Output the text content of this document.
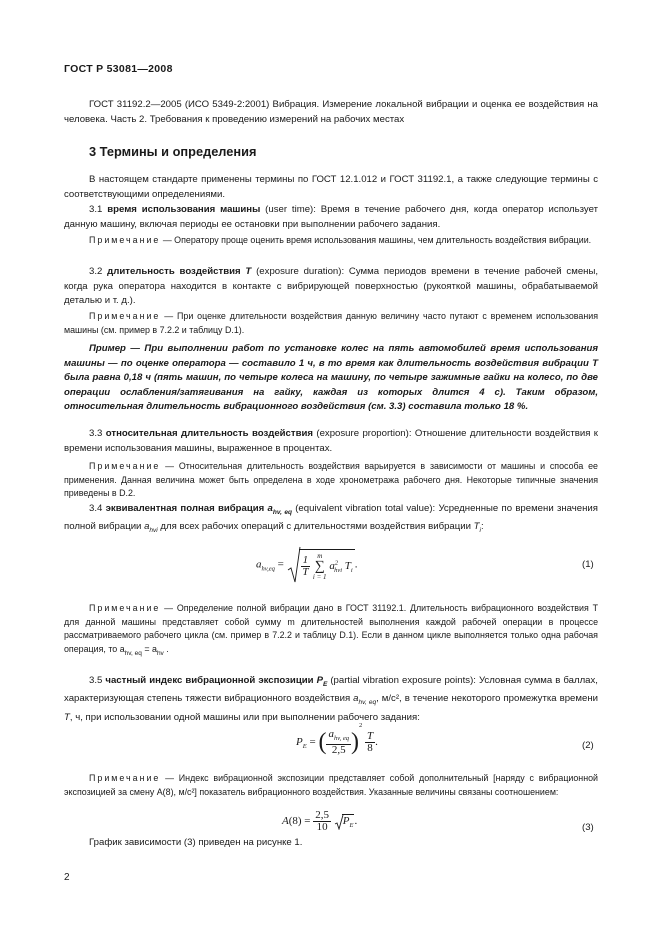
ГОСТ Р 53081—2008
ГОСТ 31192.2—2005 (ИСО 5349-2:2001) Вибрация. Измерение локальной вибрации и оценка ее воздействия на человека. Часть 2. Требования к проведению измерений на рабочих местах
3 Термины и определения
В настоящем стандарте применены термины по ГОСТ 12.1.012 и ГОСТ 31192.1, а также следующие термины с соответствующими определениями.
3.1 время использования машины (user time): Время в течение рабочего дня, когда оператор использует данную машину, включая периоды ее остановки при выполнении рабочего задания.
Примечание — Оператору проще оценить время использования машины, чем длительность воздействия вибрации.
3.2 длительность воздействия T (exposure duration): Сумма периодов времени в течение рабочей смены, когда рука оператора находится в контакте с вибрирующей поверхностью (рукояткой машины, обрабатываемой деталью и т. д.).
Примечание — При оценке длительности воздействия данную величину часто путают с временем использования машины (см. пример в 7.2.2 и таблицу D.1).
Пример — При выполнении работ по установке колес на пять автомобилей время использования машины — по оценке оператора — составило 1 ч, в то время как длительность воздействия вибрации T была равна 0,18 ч (пять машин, по четыре колеса на машину, по четыре зажимные гайки на колесо, по две операции ослабления/затягивания на гайку, каждая из которых длится 4 с). Таким образом, относительная длительность вибрационного воздействия (см. 3.3) составила только 18 %.
3.3 относительная длительность воздействия (exposure proportion): Отношение длительности воздействия к времени использования машины, выраженное в процентах.
Примечание — Относительная длительность воздействия варьируется в зависимости от машины и способа ее применения. Данная величина может быть определена в ходе хронометража рабочего дня. Некоторые типичные значения приведены в D.2.
3.4 эквивалентная полная вибрация $a_{hv, eq}$ (equivalent vibration total value): Усредненные по времени значения полной вибрации $a_{hvi}$ для всех рабочих операций с длительностями воздействия вибрации $T_i$:
$a_{hv,eq} = \frac{1}{T}$
	m
∑
i = 1
$a^2_{hvi}$ $T_i$.	(1)
Примечание — Определение полной вибрации дано в ГОСТ 31192.1. Длительность вибрационного воздействия T для данной машины представляет собой сумму m длительностей выполнения каждой рабочей операции в процессе рассматриваемого рабочего цикла (см. пример в 7.2.2 и таблицу D.1). Если в данном цикле выполняется только одна рабочая операция, то $a_{hv, eq} = a_{hv}$ .
3.5 частный индекс вибрационной экспозиции $P_E$ (partial vibration exposure points): Условная сумма в баллах, характеризующая степень тяжести вибрационного воздействия $a_{hv, eq}$, м/с², в течение некоторого промежутка времени T, ч, при использовании одной машины или при выполнении рабочего задания:
$P_E$ = ( $\frac{a_{hv, eq}}{2,5} )^2$
$\frac{T}{8}$ .	(2)
Примечание — Индекс вибрационной экспозиции представляет собой дополнительный [наряду с вибрационной экспозицией за смену A(8), м/с²] показатель вибрационного воздействия. Указанные величины связаны соотношением:
$A(8) = \frac{2,5}{10} P_E$.
(3)
График зависимости (3) приведен на рисунке 1.
2
